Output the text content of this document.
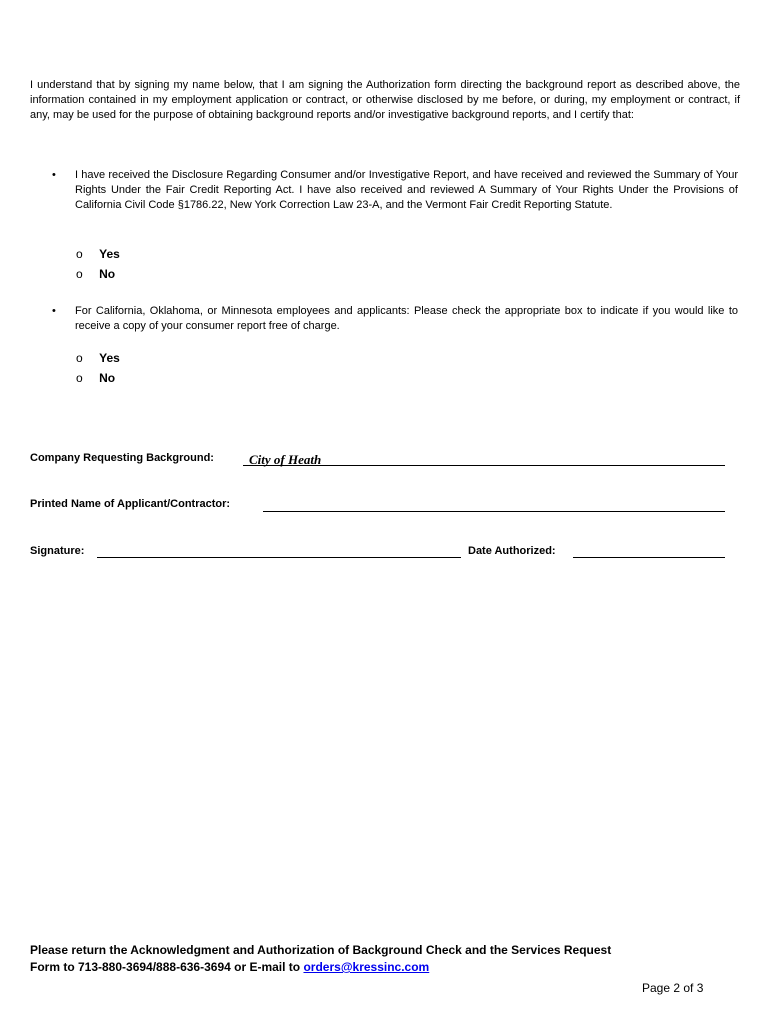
I understand that by signing my name below, that I am signing the Authorization form directing the background report as described above, the information contained in my employment application or contract, or otherwise disclosed by me before, or during, my employment or contract, if any, may be used for the purpose of obtaining background reports and/or investigative background reports, and I certify that:
• I have received the Disclosure Regarding Consumer and/or Investigative Report, and have received and reviewed the Summary of Your Rights Under the Fair Credit Reporting Act. I have also received and reviewed A Summary of Your Rights Under the Provisions of California Civil Code §1786.22, New York Correction Law 23-A, and the Vermont Fair Credit Reporting Statute.
o Yes
o No
• For California, Oklahoma, or Minnesota employees and applicants: Please check the appropriate box to indicate if you would like to receive a copy of your consumer report free of charge.
o Yes
o No
Company Requesting Background:	City of Heath
Printed Name of Applicant/Contractor:
Signature:	Date Authorized:
Please return the Acknowledgment and Authorization of Background Check and the Services Request
Form to 713-880-3694/888-636-3694 or E-mail to orders@kressinc.com
Page 2 of 3
